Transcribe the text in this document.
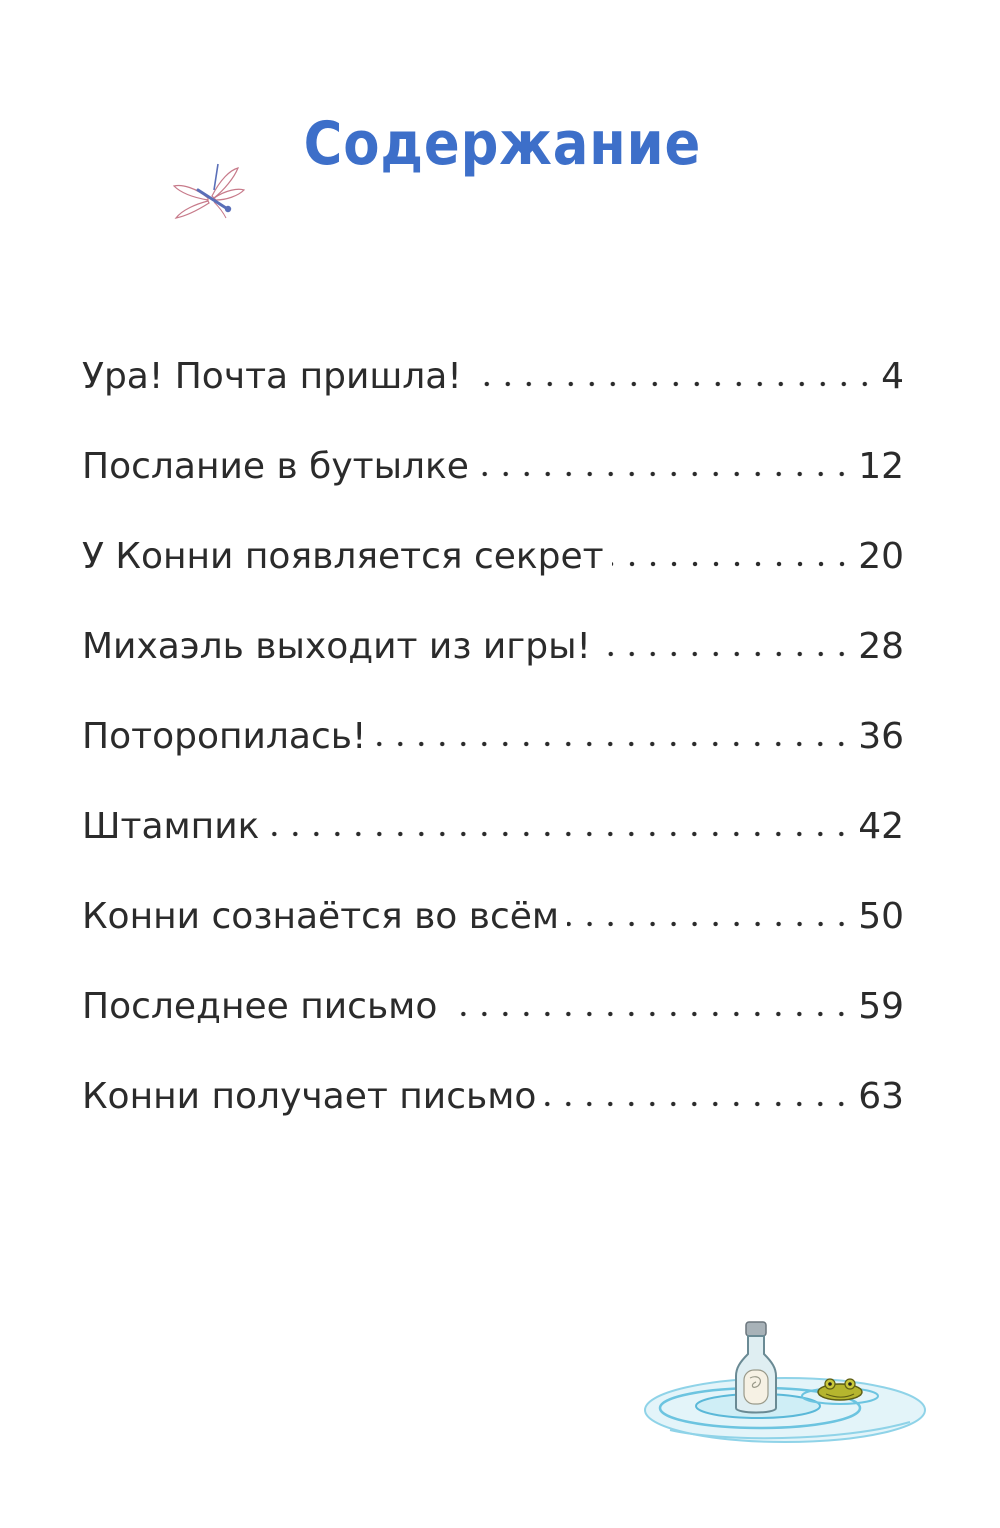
Содержание
Ура! Почта пришла!	4
Послание в бутылке	12
У Конни появляется секрет	20
Михаэль выходит из игры!	28
Поторопилась!	36
Штампик	42
Конни сознаётся во всём	50
Последнее письмо	59
Конни получает письмо	63
